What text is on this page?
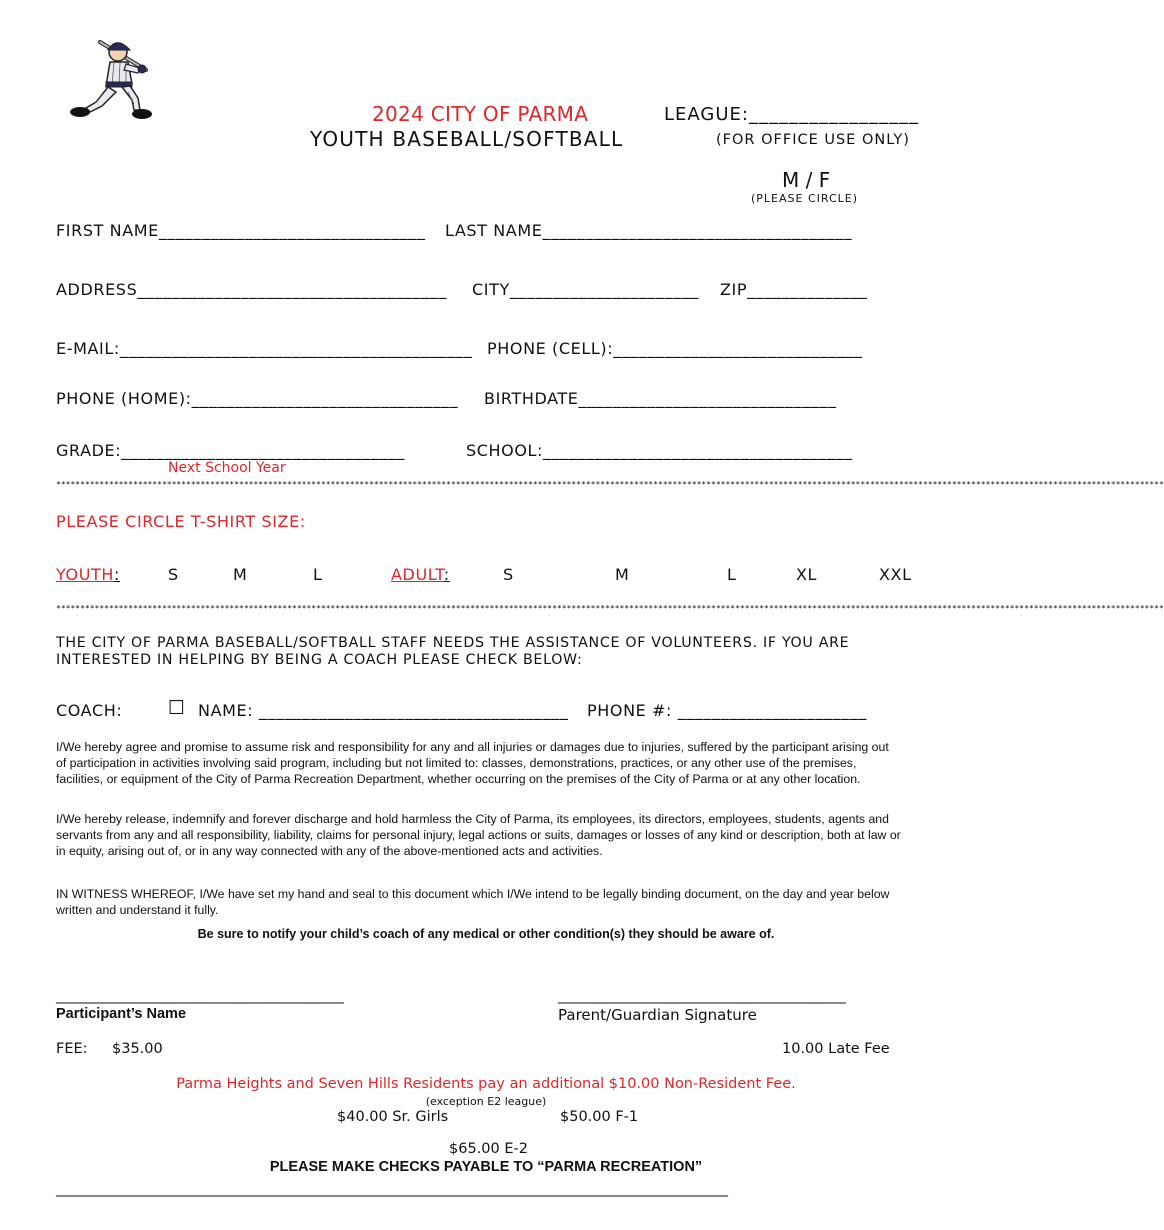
2024 CITY OF PARMA
YOUTH BASEBALL/SOFTBALL
LEAGUE:_________________
(FOR OFFICE USE ONLY)
M / F
(PLEASE CIRCLE)
FIRST NAME_______________________________ LAST NAME____________________________________
ADDRESS____________________________________ CITY______________________ ZIP______________
E-MAIL:_________________________________________ PHONE (CELL):_____________________________
PHONE (HOME):_______________________________ BIRTHDATE______________________________
GRADE:_________________________________	SCHOOL:____________________________________
Next School Year
**************************************************************************************************************************************************************************************************************************************
PLEASE CIRCLE T-SHIRT SIZE:
YOUTH:	S	M	L	ADULT:	S	M	L	XL	XXL
**************************************************************************************************************************************************************************************************************************************
THE CITY OF PARMA BASEBALL/SOFTBALL STAFF NEEDS THE ASSISTANCE OF VOLUNTEERS. IF YOU ARE INTERESTED IN HELPING BY BEING A COACH PLEASE CHECK BELOW:
COACH: ☐ NAME: ____________________________________ PHONE #: ______________________
I/We hereby agree and promise to assume risk and responsibility for any and all injuries or damages due to injuries, suffered by the participant arising out of participation in activities involving said program, including but not limited to: classes, demonstrations, practices, or any other use of the premises, facilities, or equipment of the City of Parma Recreation Department, whether occurring on the premises of the City of Parma or at any other location.
I/We hereby release, indemnify and forever discharge and hold harmless the City of Parma, its employees, its directors, employees, students, agents and servants from any and all responsibility, liability, claims for personal injury, legal actions or suits, damages or losses of any kind or description, both at law or in equity, arising out of, or in any way connected with any of the above-mentioned acts and activities.
IN WITNESS WHEREOF, I/We have set my hand and seal to this document which I/We intend to be legally binding document, on the day and year below written and understand it fully.
Be sure to notify your child’s coach of any medical or other condition(s) they should be aware of.
________________________________________	________________________________________
Participant’s Name	Parent/Guardian Signature
FEE: $35.00	10.00 Late Fee
Parma Heights and Seven Hills Residents pay an additional $10.00 Non-Resident Fee.
(exception E2 league)
$40.00 Sr. Girls	$50.00 F-1
$65.00 E-2
PLEASE MAKE CHECKS PAYABLE TO “PARMA RECREATION”
________________________________________________________________________________________________
